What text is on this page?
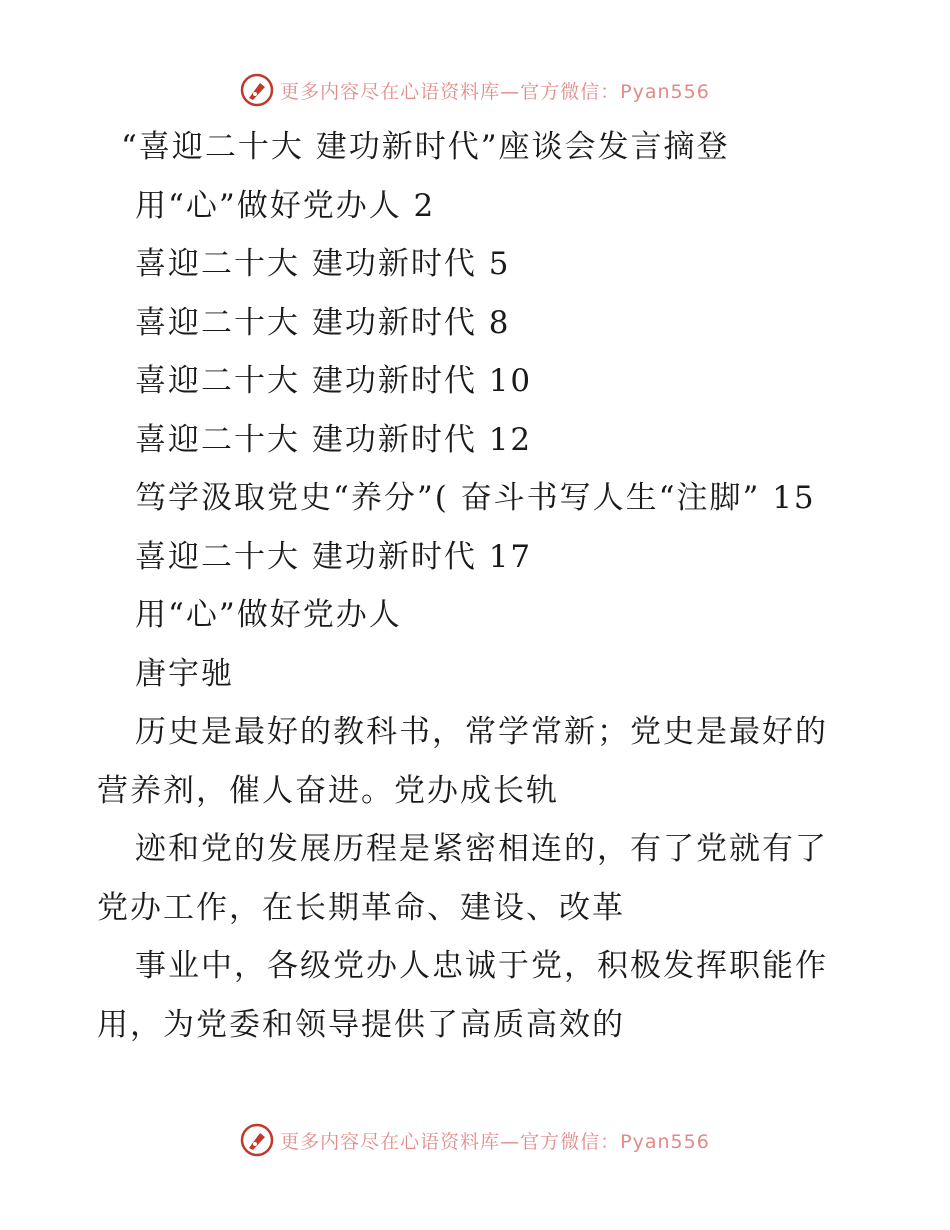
更多内容尽在心语资料库—官方微信：Pyan556

“喜迎二十大 建功新时代”座谈会发言摘登

用“心”做好党办人 2

喜迎二十大 建功新时代 5

喜迎二十大 建功新时代 8

喜迎二十大 建功新时代 10

喜迎二十大 建功新时代 12

笃学汲取党史“养分”( 奋斗书写人生“注脚” 15

喜迎二十大 建功新时代 17

用“心”做好党办人

唐宇驰

历史是最好的教科书，常学常新；党史是最好的营养剂，催人奋进。党办成长轨

迹和党的发展历程是紧密相连的，有了党就有了党办工作，在长期革命、建设、改革

事业中，各级党办人忠诚于党，积极发挥职能作用，为党委和领导提供了高质高效的

更多内容尽在心语资料库—官方微信：Pyan556
